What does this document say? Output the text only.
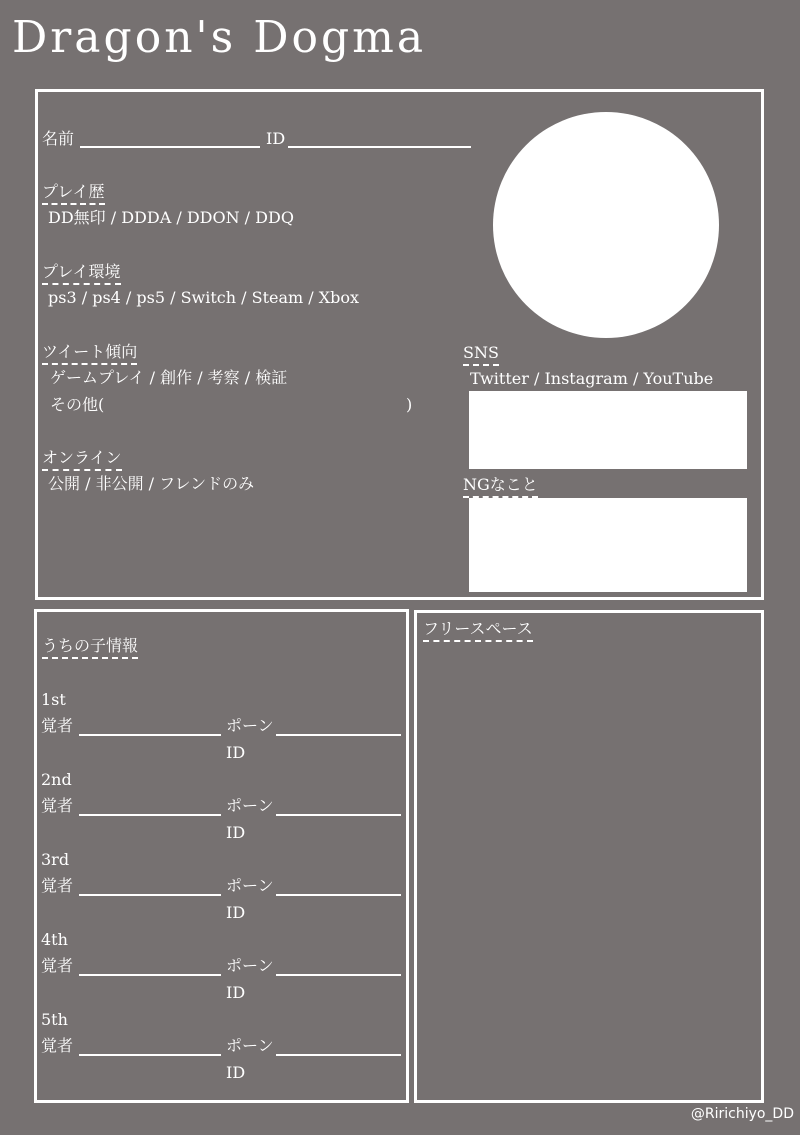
Dragon's Dogma
名前	ID
プレイ歴
DD無印 / DDDA / DDON / DDQ
プレイ環境
ps3 / ps4 / ps5 / Switch / Steam / Xbox
ツイート傾向
ゲームプレイ / 創作 / 考察 / 検証
その他(	)
オンライン
公開 / 非公開 / フレンドのみ
SNS
Twitter / Instagram / YouTube
NGなこと
うちの子情報
1st
覚者	ポーン
ID
2nd
覚者	ポーン
ID
3rd
覚者	ポーン
ID
4th
覚者	ポーン
ID
5th
覚者	ポーン
ID
フリースペース
@Ririchiyo_DD
